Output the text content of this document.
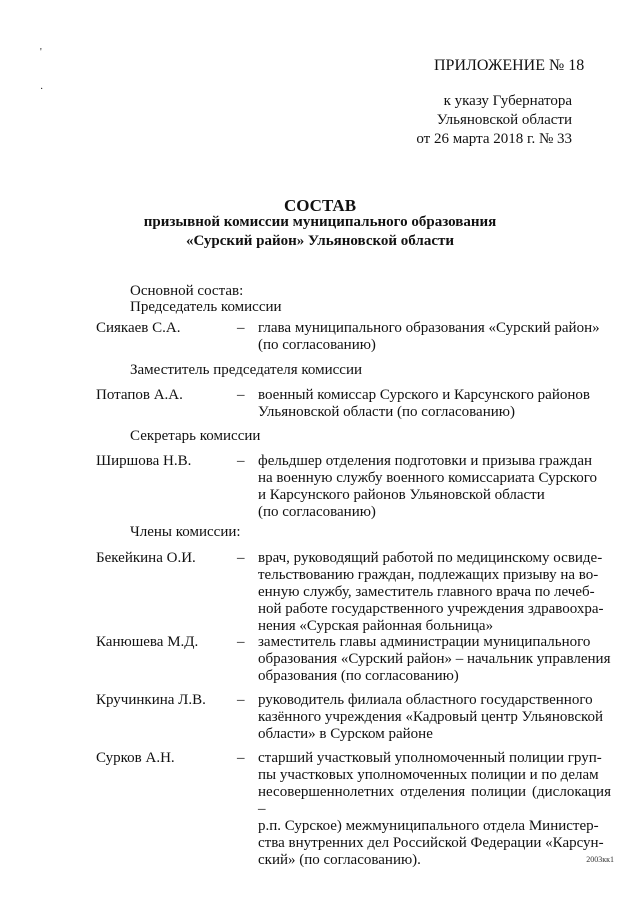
'
·
ПРИЛОЖЕНИЕ № 18
к указу Губернатора
Ульяновской области
от 26 марта 2018 г. № 33
СОСТАВ
призывной комиссии муниципального образования
«Сурский район» Ульяновской области
Основной состав:
Председатель комиссии
Сиякаев С.А.	– глава муниципального образования «Сурский район»
(по согласованию)
Заместитель председателя комиссии
Потапов А.А.	– военный комиссар Сурского и Карсунского районов
Ульяновской области (по согласованию)
Секретарь комиссии
Ширшова Н.В.	– фельдшер отделения подготовки и призыва граждан
на военную службу военного комиссариата Сурского
и Карсунского районов Ульяновской области
(по согласованию)
Члены комиссии:
Бекейкина О.И.	– врач, руководящий работой по медицинскому освиде-
тельствованию граждан, подлежащих призыву на во-
енную службу, заместитель главного врача по лечеб-
ной работе государственного учреждения здравоохра-
нения «Сурская районная больница»
Канюшева М.Д.	– заместитель главы администрации муниципального
образования «Сурский район» – начальник управления
образования (по согласованию)
Кручинкина Л.В. – руководитель филиала областного государственного
казённого учреждения «Кадровый центр Ульяновской
области» в Сурском районе
Сурков А.Н.	– старший участковый уполномоченный полиции груп-
пы участковых уполномоченных полиции и по делам
несовершеннолетних отделения полиции (дислокация –
р.п. Сурское) межмуниципального отдела Министер-
ства внутренних дел Российской Федерации «Карсун-
ский» (по согласованию).	2003кк1
